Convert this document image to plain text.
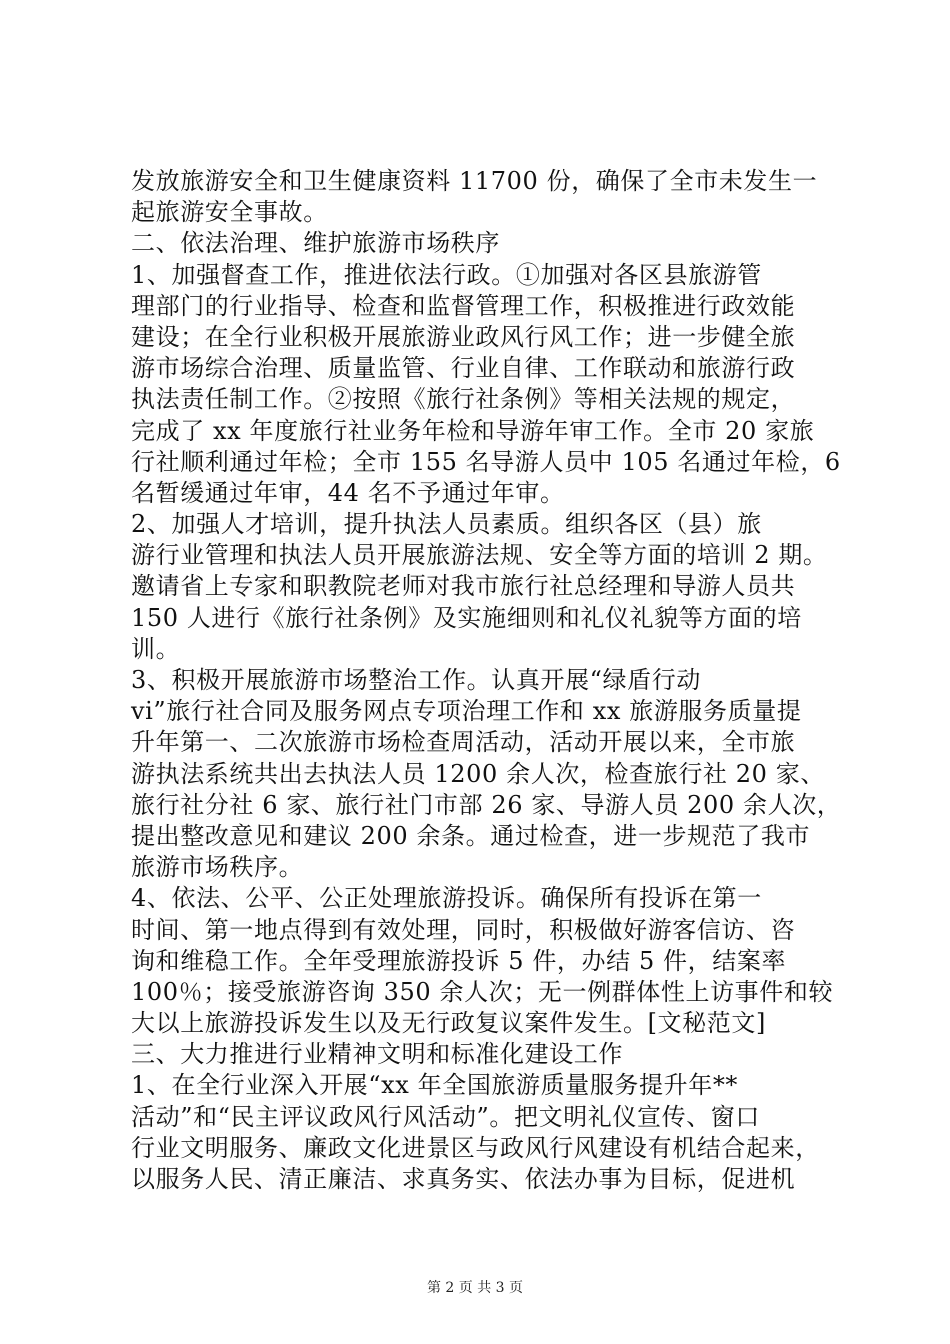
发放旅游安全和卫生健康资料 11700 份，确保了全市未发生一
起旅游安全事故。
二、依法治理、维护旅游市场秩序
1、加强督查工作，推进依法行政。①加强对各区县旅游管
理部门的行业指导、检查和监督管理工作，积极推进行政效能
建设；在全行业积极开展旅游业政风行风工作；进一步健全旅
游市场综合治理、质量监管、行业自律、工作联动和旅游行政
执法责任制工作。②按照《旅行社条例》等相关法规的规定，
完成了 xx 年度旅行社业务年检和导游年审工作。全市 20 家旅
行社顺利通过年检；全市 155 名导游人员中 105 名通过年检，6
名暂缓通过年审，44 名不予通过年审。
2、加强人才培训，提升执法人员素质。组织各区（县）旅
游行业管理和执法人员开展旅游法规、安全等方面的培训 2 期。
邀请省上专家和职教院老师对我市旅行社总经理和导游人员共
150 人进行《旅行社条例》及实施细则和礼仪礼貌等方面的培
训。
3、积极开展旅游市场整治工作。认真开展“绿盾行动
vi”旅行社合同及服务网点专项治理工作和 xx 旅游服务质量提
升年第一、二次旅游市场检查周活动，活动开展以来，全市旅
游执法系统共出去执法人员 1200 余人次，检查旅行社 20 家、
旅行社分社 6 家、旅行社门市部 26 家、导游人员 200 余人次，
提出整改意见和建议 200 余条。通过检查，进一步规范了我市
旅游市场秩序。
4、依法、公平、公正处理旅游投诉。确保所有投诉在第一
时间、第一地点得到有效处理，同时，积极做好游客信访、咨
询和维稳工作。全年受理旅游投诉 5 件，办结 5 件，结案率
100％；接受旅游咨询 350 余人次；无一例群体性上访事件和较
大以上旅游投诉发生以及无行政复议案件发生。[文秘范文]
三、大力推进行业精神文明和标准化建设工作
1、在全行业深入开展“xx 年全国旅游质量服务提升年**
活动”和“民主评议政风行风活动”。把文明礼仪宣传、窗口
行业文明服务、廉政文化进景区与政风行风建设有机结合起来，
以服务人民、清正廉洁、求真务实、依法办事为目标，促进机
第 2 页 共 3 页
